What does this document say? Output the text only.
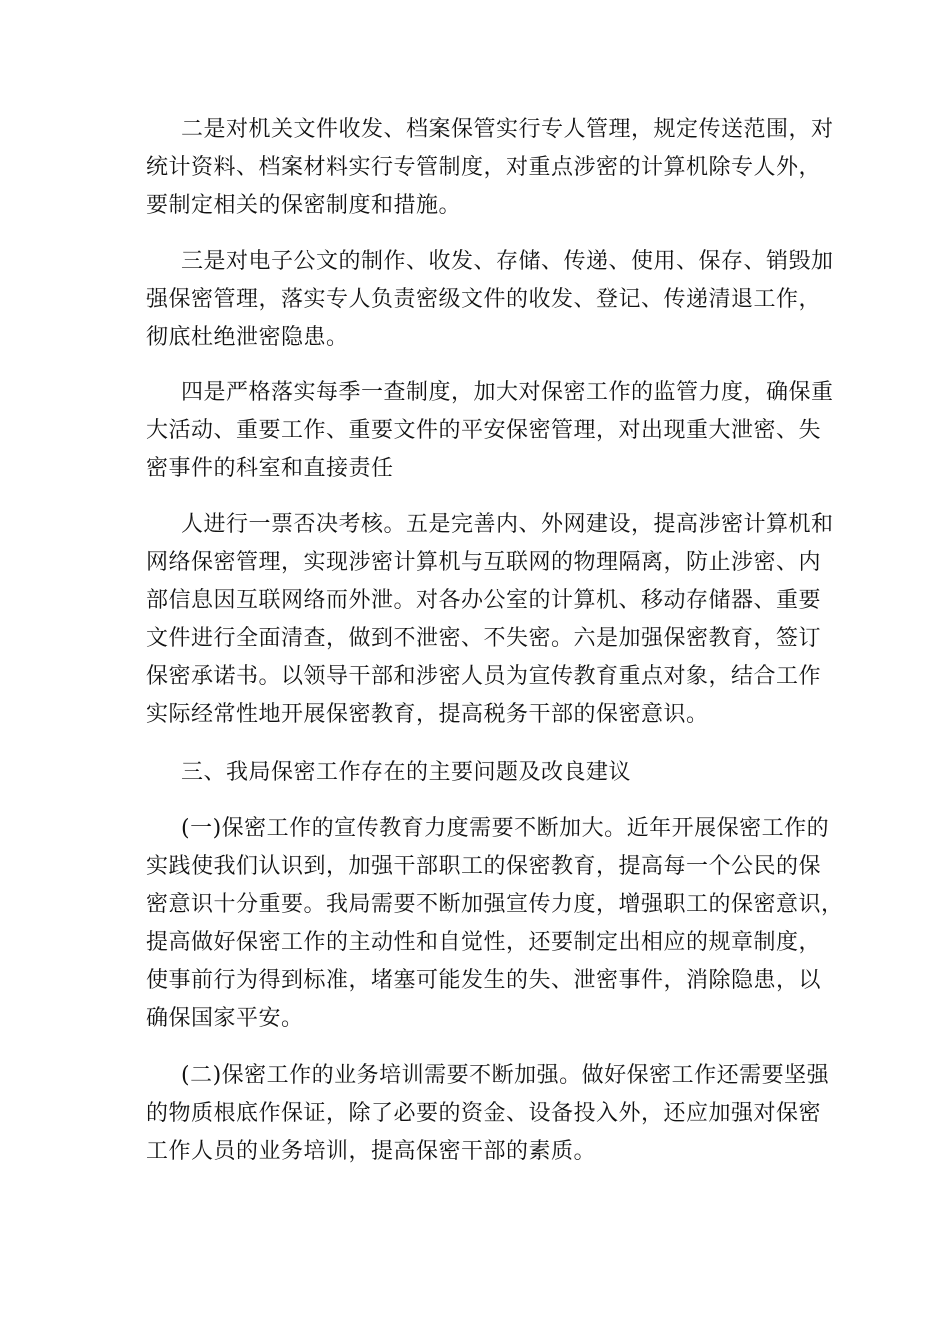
二是对机关文件收发、档案保管实行专人管理，规定传送范围，对
统计资料、档案材料实行专管制度，对重点涉密的计算机除专人外，
要制定相关的保密制度和措施。
三是对电子公文的制作、收发、存储、传递、使用、保存、销毁加
强保密管理，落实专人负责密级文件的收发、登记、传递清退工作，
彻底杜绝泄密隐患。
四是严格落实每季一查制度，加大对保密工作的监管力度，确保重
大活动、重要工作、重要文件的平安保密管理，对出现重大泄密、失
密事件的科室和直接责任
人进行一票否决考核。五是完善内、外网建设，提高涉密计算机和
网络保密管理，实现涉密计算机与互联网的物理隔离，防止涉密、内
部信息因互联网络而外泄。对各办公室的计算机、移动存储器、重要
文件进行全面清查，做到不泄密、不失密。六是加强保密教育，签订
保密承诺书。以领导干部和涉密人员为宣传教育重点对象，结合工作
实际经常性地开展保密教育，提高税务干部的保密意识。
三、我局保密工作存在的主要问题及改良建议
(一)保密工作的宣传教育力度需要不断加大。近年开展保密工作的
实践使我们认识到，加强干部职工的保密教育，提高每一个公民的保
密意识十分重要。我局需要不断加强宣传力度，增强职工的保密意识，
提高做好保密工作的主动性和自觉性，还要制定出相应的规章制度，
使事前行为得到标准，堵塞可能发生的失、泄密事件，消除隐患，以
确保国家平安。
(二)保密工作的业务培训需要不断加强。做好保密工作还需要坚强
的物质根底作保证，除了必要的资金、设备投入外，还应加强对保密
工作人员的业务培训，提高保密干部的素质。
